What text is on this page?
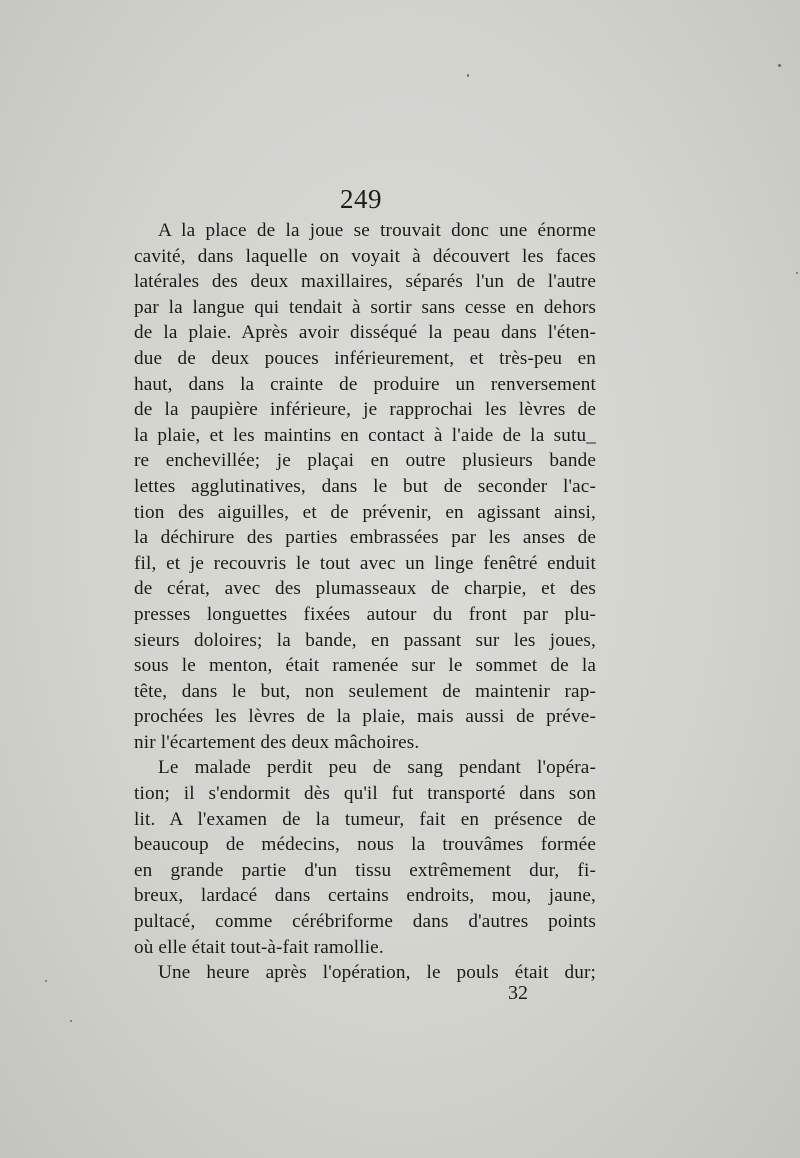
249
A la place de la joue se trouvait donc une énorme
cavité, dans laquelle on voyait à découvert les faces
latérales des deux maxillaires, séparés l'un de l'autre
par la langue qui tendait à sortir sans cesse en dehors
de la plaie. Après avoir disséqué la peau dans l'éten-
due de deux pouces inférieurement, et très-peu en
haut, dans la crainte de produire un renversement
de la paupière inférieure, je rapprochai les lèvres de
la plaie, et les maintins en contact à l'aide de la sutu_
re enchevillée; je plaçai en outre plusieurs bande
lettes agglutinatives, dans le but de seconder l'ac-
tion des aiguilles, et de prévenir, en agissant ainsi,
la déchirure des parties embrassées par les anses de
fil, et je recouvris le tout avec un linge fenêtré enduit
de cérat, avec des plumasseaux de charpie, et des
presses longuettes fixées autour du front par plu-
sieurs doloires; la bande, en passant sur les joues,
sous le menton, était ramenée sur le sommet de la
tête, dans le but, non seulement de maintenir rap-
prochées les lèvres de la plaie, mais aussi de préve-
nir l'écartement des deux mâchoires.
Le malade perdit peu de sang pendant l'opéra-
tion; il s'endormit dès qu'il fut transporté dans son
lit. A l'examen de la tumeur, fait en présence de
beaucoup de médecins, nous la trouvâmes formée
en grande partie d'un tissu extrêmement dur, fi-
breux, lardacé dans certains endroits, mou, jaune,
pultacé, comme cérébriforme dans d'autres points
où elle était tout-à-fait ramollie.
Une heure après l'opération, le pouls était dur;
32
